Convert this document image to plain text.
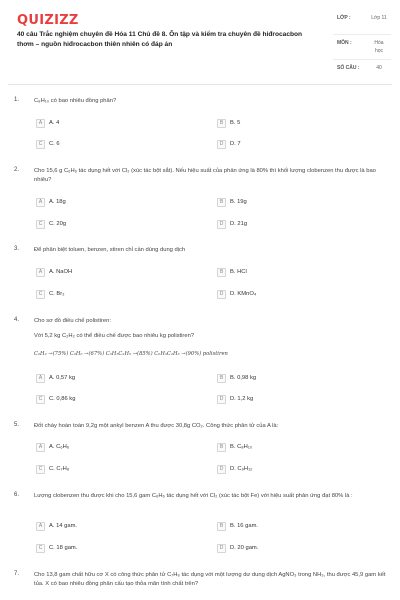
QUIZIZZ
40 câu Trắc nghiệm chuyên đề Hóa 11 Chủ đề 8. Ôn tập và kiểm tra chuyên đề hiđrocacbon thơm – nguồn hiđrocacbon thiên nhiên có đáp án
LỚP :	Lớp 11
MÔN :	Hóa học
SỐ CÂU :	40
1.	C₈H₁₀ có bao nhiêu đồng phân?
A	A. 4	B	B. 5
C	C. 6	D	D. 7
2.	Cho 15,6 g C₆H₆ tác dụng hết với Cl₂ (xúc tác bột sắt). Nếu hiệu suất của phản ứng là 80% thì khối lượng clobenzen thu được là bao nhiêu?
A	A. 18g	B	B. 19g
C	C. 20g	D	D. 21g
3.	Để phân biệt toluen, benzen, stiren chỉ cần dùng dung dịch
A	A. NaOH	B	B. HCl
C	C. Br₂	D	D. KMnO₄
4.	Cho sơ đồ điều chế polistiren:
Với 5,2 kg C₂H₂ có thể điều chế được bao nhiêu kg polistiren?
C₂H₂ →(75%) C₆H₆ →(67%) C₆H₅C₂H₅ →(85%) C₆H₅C₂H₃ →(90%) polistiren
A	A. 0,57 kg	B	B. 0,98 kg
C	C. 0,86 kg	D	D. 1,2 kg
5.	Đốt cháy hoàn toàn 9,2g một ankyl benzen A thu được 30,8g CO₂. Công thức phân tử của A là:
A	A. C₆H₆	B	B. C₈H₁₀
C	C. C₇H₈	D	D. C₉H₁₂
6.	Lượng clobenzen thu được khi cho 15,6 gam C₆H₆ tác dụng hết với Cl₂ (xúc tác bột Fe) với hiệu suất phản ứng đạt 80% là :
A	A. 14 gam.	B	B. 16 gam.
C	C. 18 gam.	D	D. 20 gam.
7.	Cho 13,8 gam chất hữu cơ X có công thức phân tử C₇H₈ tác dụng với một lượng dư dung dịch AgNO₃ trong NH₃, thu được 45,9 gam kết tủa. X có bao nhiêu đồng phân cấu tạo thỏa mãn tính chất trên?
